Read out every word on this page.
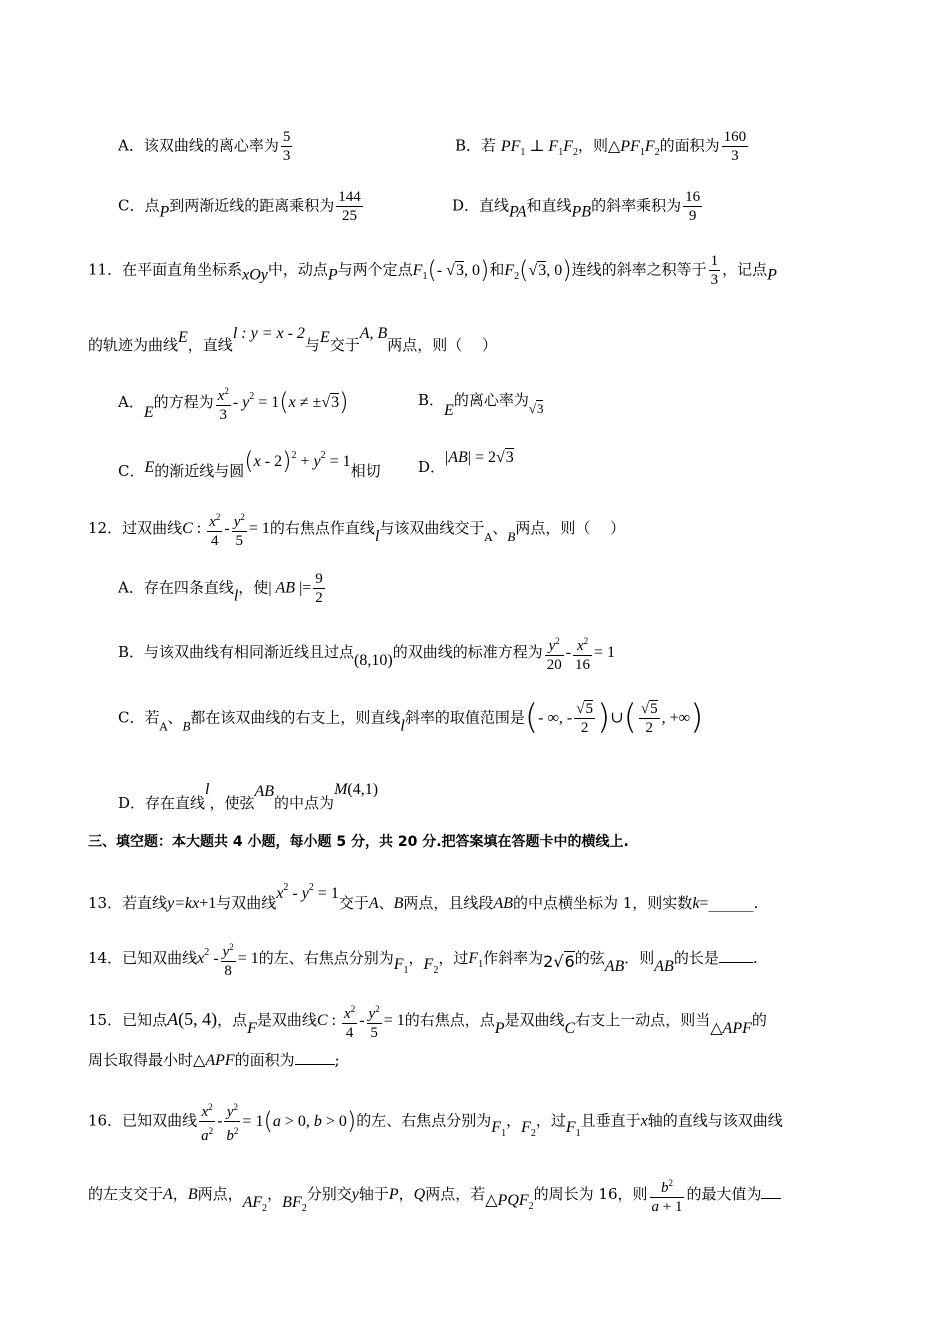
A．该双曲线的离心率为 $\frac{5}{3}$	B．若 $PF_1$ ⊥ $F_1F_2$，则$\triangle PF_1F_2$的面积为 $\frac{160}{3}$
C．点P到两渐近线的距离乘积为 $\frac{144}{25}$	D．直线PA和直线PB的斜率乘积为 $\frac{16}{9}$
11．在平面直角坐标系xOy中，动点P与两个定点$F_1(-$ √3, 0)和$F_2(√3$, 0)连线的斜率之积等于 $\frac{1}{3}$ ，记点P
的轨迹为曲线E，直线l : y = x - 2与E交于A, B两点，则（　 ）
A．E的方程为 $\frac{x^2}{3} - y^2 = 1(x \ne \pm√3)$	B．E的离心率为√3
C．E的渐近线与圆$(x - 2)^2 + y^2 = 1$相切 D．|AB| = 2√3
12．过双曲线C : $\frac{x^2}{4} - \frac{y^2}{5} = 1$的右焦点作直线l与该双曲线交于$_A$、B两点，则（　 ）
A．存在四条直线l，使| AB |= $\frac{9}{2}$
B．与该双曲线有相同渐近线且过点(8,10)的双曲线的标准方程为 $\frac{y^2}{20} - \frac{x^2}{16} = 1$
C．若$_A$、B都在该双曲线的右支上，则直线l斜率的取值范围是(- ∞, - $\frac{√5}{2}$ )∪( $\frac{√5}{2}$ , +∞)
D．存在直线l，使弦AB的中点为M(4,1)
三、填空题：本大题共 4 小题，每小题 5 分，共 20 分.把答案填在答题卡中的横线上.
13．若直线y=kx+1与双曲线$x^2 - y^2 = 1$交于A、B两点，且线段AB的中点横坐标为 1，则实数k=______.
14．已知双曲线$x^2 - \frac{y^2}{8} = 1$的左、右焦点分别为$F_1$，$F_2$，过$F_1$作斜率为2√6的弦AB．则AB的长是 .
15．已知点A(5, 4)，点F是双曲线C : $\frac{x^2}{4} - \frac{y^2}{5} = 1$的右焦点，点P是双曲线C右支上一动点，则当△APF的
周长取得最小时△APF的面积为	;
16．已知双曲线 $\frac{x^2}{a^2} - \frac{y^2}{b^2} = 1(a > 0$, b > 0)的左、右焦点分别为$F_1$，$F_2$，过$F_1$且垂直于x轴的直线与该双曲线
的左支交于A，B两点，$AF_2$，$BF_2$分别交y轴于P，Q两点，若$\triangle PQF_2$的周长为 16，则 $\frac{b^2}{a + 1}$ 的最大值为
